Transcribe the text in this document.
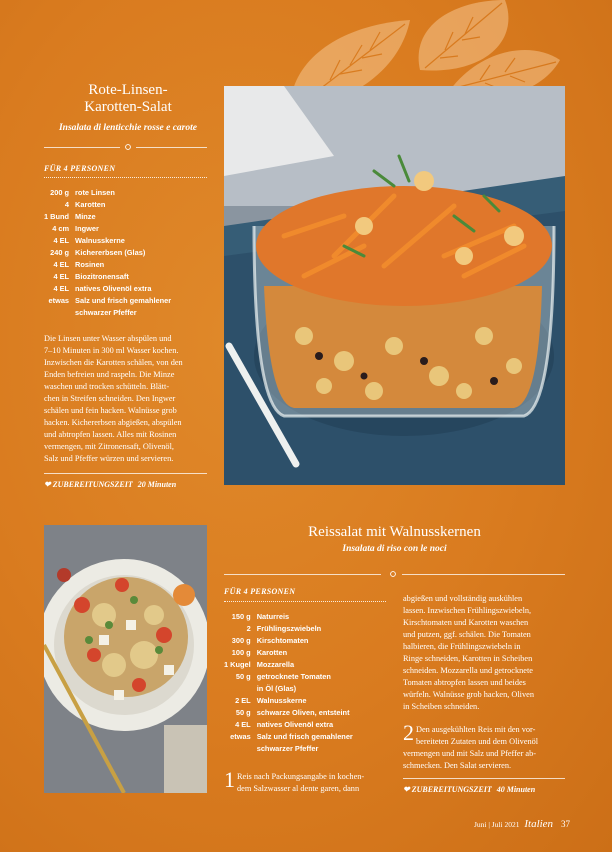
Rote-Linsen-
Karotten-Salat
Insalata di lenticchie rosse e carote
FÜR 4 PERSONEN
200 g	rote Linsen
4	Karotten
1 Bund	Minze
4 cm	Ingwer
4 EL	Walnusskerne
240 g	Kichererbsen (Glas)
4 EL	Rosinen
4 EL	Biozitronensaft
4 EL	natives Olivenöl extra
etwas	Salz und frisch gemahlener
	schwarzer Pfeffer
Die Linsen unter Wasser abspülen und
7–10 Minuten in 300 ml Wasser kochen.
Inzwischen die Karotten schälen, von den
Enden befreien und raspeln. Die Minze
waschen und trocken schütteln. Blätt-
chen in Streifen schneiden. Den Ingwer
schälen und fein hacken. Walnüsse grob
hacken. Kichererbsen abgießen, abspülen
und abtropfen lassen. Alles mit Rosinen
vermengen, mit Zitronensaft, Olivenöl,
Salz und Pfeffer würzen und servieren.
❤ ZUBEREITUNGSZEIT 20 Minuten
Reissalat mit Walnusskernen
Insalata di riso con le noci
FÜR 4 PERSONEN
150 g	Naturreis
2	Frühlingszwiebeln
300 g	Kirschtomaten
100 g	Karotten
1 Kugel	Mozzarella
50 g	getrocknete Tomaten
	in Öl (Glas)
2 EL	Walnusskerne
50 g	schwarze Oliven, entsteint
4 EL	natives Olivenöl extra
etwas	Salz und frisch gemahlener
	schwarzer Pfeffer
1 Reis nach Packungsangabe in kochen-
dem Salzwasser al dente garen, dann
abgießen und vollständig auskühlen
lassen. Inzwischen Frühlingszwiebeln,
Kirschtomaten und Karotten waschen
und putzen, ggf. schälen. Die Tomaten
halbieren, die Frühlingszwiebeln in
Ringe schneiden, Karotten in Scheiben
schneiden. Mozzarella und getrocknete
Tomaten abtropfen lassen und beides
würfeln. Walnüsse grob hacken, Oliven
in Scheiben schneiden.
2 Den ausgekühlten Reis mit den vor-
bereiteten Zutaten und dem Olivenöl
vermengen und mit Salz und Pfeffer ab-
schmecken. Den Salat servieren.
❤ ZUBEREITUNGSZEIT 40 Minuten
Juni | Juli 2021 Italien 37
